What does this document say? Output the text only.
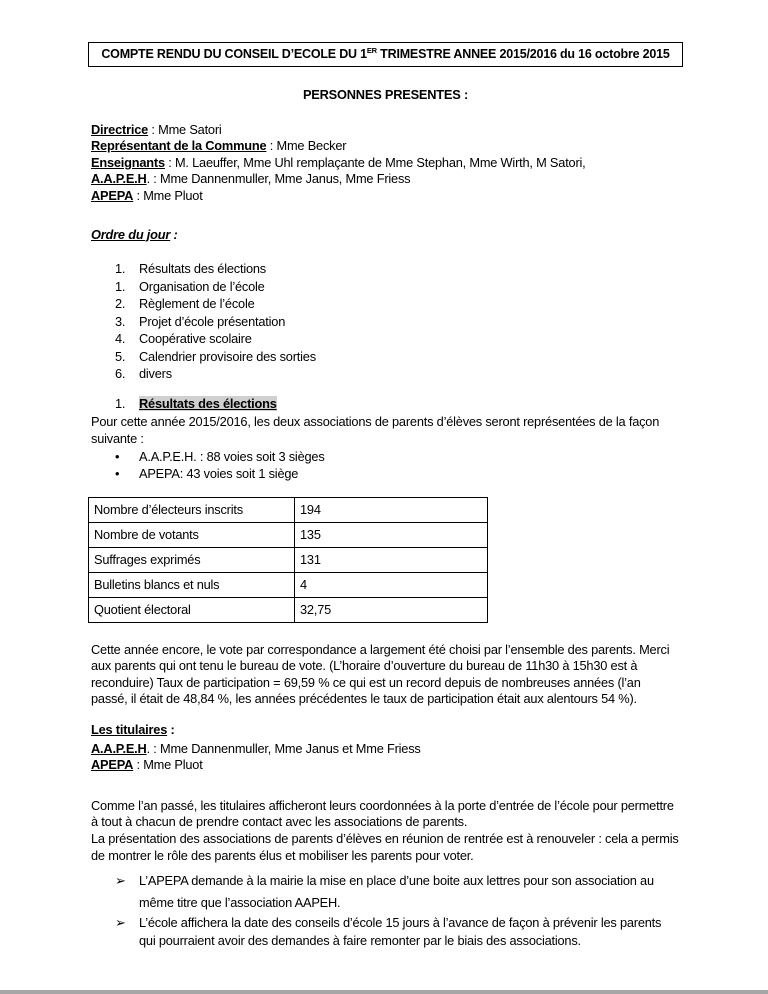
COMPTE RENDU DU CONSEIL D’ECOLE DU 1ER TRIMESTRE ANNEE 2015/2016 du 16 octobre 2015
PERSONNES PRESENTES :
Directrice : Mme Satori
Représentant de la Commune : Mme Becker
Enseignants : M. Laeuffer, Mme Uhl remplaçante de Mme Stephan, Mme Wirth, M Satori,
A.A.P.E.H. : Mme Dannenmuller, Mme Janus, Mme Friess
APEPA : Mme Pluot
Ordre du jour :
1.	Résultats des élections
1.	Organisation de l’école
2.	Règlement de l’école
3.	Projet d’école présentation
4.	Coopérative scolaire
5.	Calendrier provisoire des sorties
6.	divers
1.	Résultats des élections
Pour cette année 2015/2016, les deux associations de parents d’élèves seront représentées de la façon suivante :
•	A.A.P.E.H. : 88 voies soit 3 sièges
•	APEPA: 43 voies soit 1 siège
Nombre d’électeurs inscrits	194
Nombre de votants	135
Suffrages exprimés	131
Bulletins blancs et nuls	4
Quotient électoral	32,75
Cette année encore, le vote par correspondance a largement été choisi par l’ensemble des parents. Merci aux parents qui ont tenu le bureau de vote. (L’horaire d’ouverture du bureau de 11h30 à 15h30 est à reconduire) Taux de participation = 69,59 % ce qui est un record depuis de nombreuses années (l’an passé, il était de 48,84 %, les années précédentes le taux de participation était aux alentours 54 %).
Les titulaires :
A.A.P.E.H. : Mme Dannenmuller, Mme Janus et Mme Friess
APEPA : Mme Pluot
Comme l’an passé, les titulaires afficheront leurs coordonnées à la porte d’entrée de l’école pour permettre à tout à chacun de prendre contact avec les associations de parents.
La présentation des associations de parents d’élèves en réunion de rentrée est à renouveler : cela a permis de montrer le rôle des parents élus et mobiliser les parents pour voter.
➢	L’APEPA demande à la mairie la mise en place d’une boite aux lettres pour son association au même titre que l’association AAPEH.
➢	L’école affichera la date des conseils d’école 15 jours à l’avance de façon à prévenir les parents qui pourraient avoir des demandes à faire remonter par le biais des associations.
